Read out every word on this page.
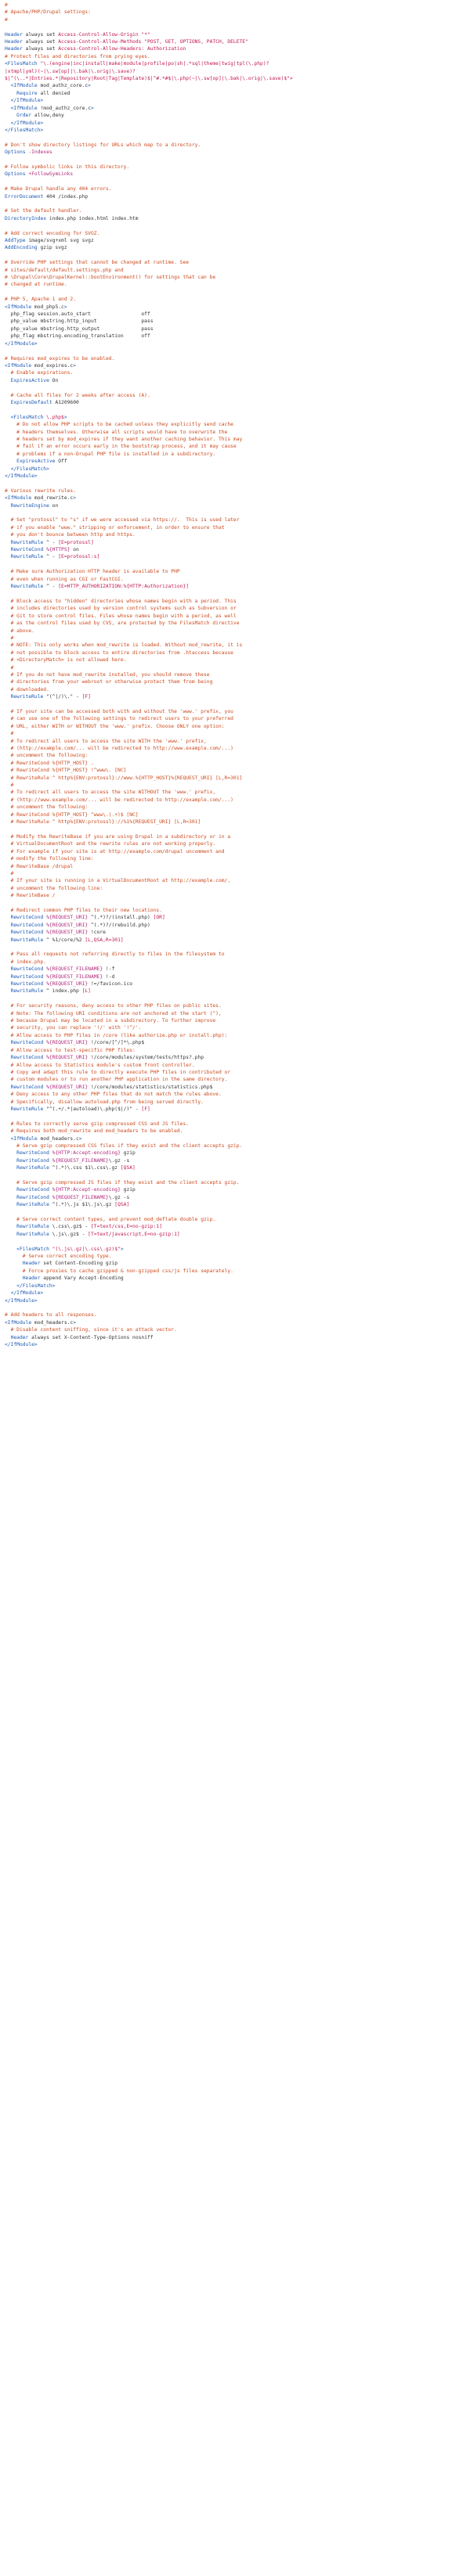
#
# Apache/PHP/Drupal settings:
#
Header always set Access-Control-Allow-Origin "*"
Header always set Access-Control-Allow-Methods "POST, GET, OPTIONS, PATCH, DELETE"
Header always set Access-Control-Allow-Headers: Authorization
# Protect files and directories from prying eyes.
<FilesMatch "\.(engine|inc|install|make|module|profile|po|sh|.*sql|theme|twig|tpl(\.php)?
|xtmpl|yml)(~|\.sw[op]|\.bak|\.orig|\.save)?
$|^(\..*|Entries.*|Repository|Root|Tag|Template)$|^#.*#$|\.php(~|\.sw[op]|\.bak|\.orig|\.save)$">
<IfModule mod_authz_core.c>
Require all denied
</IfModule>
<IfModule !mod_authz_core.c>
Order allow,deny
</IfModule>
</FilesMatch>
# Don't show directory listings for URLs which map to a directory.
Options -Indexes
# Follow symbolic links in this directory.
Options +FollowSymLinks
# Make Drupal handle any 404 errors.
ErrorDocument 404 /index.php
# Set the default handler.
DirectoryIndex index.php index.html index.htm
# Add correct encoding for SVGZ.
AddType image/svg+xml svg svgz
AddEncoding gzip svgz
# Override PHP settings that cannot be changed at runtime. See
# sites/default/default.settings.php and
# \Drupal\Core\DrupalKernel::bootEnvironment() for settings that can be
# changed at runtime.
# PHP 5, Apache 1 and 2.
<IfModule mod_php5.c>
php_flag session.auto_start                 off
php_value mbstring.http_input               pass
php_value mbstring.http_output              pass
php_flag mbstring.encoding_translation      off
</IfModule>
# Requires mod_expires to be enabled.
<IfModule mod_expires.c>
# Enable expirations.
ExpiresActive On
# Cache all files for 2 weeks after access (A).
ExpiresDefault A1209600
<FilesMatch \.php$>
# Do not allow PHP scripts to be cached unless they explicitly send cache
# headers themselves. Otherwise all scripts would have to overwrite the
# headers set by mod_expires if they want another caching behavior. This may
# fail if an error occurs early in the bootstrap process, and it may cause
# problems if a non-Drupal PHP file is installed in a subdirectory.
ExpiresActive Off
</FilesMatch>
</IfModule>
# Various rewrite rules.
<IfModule mod_rewrite.c>
RewriteEngine on
# Set "protossl" to "s" if we were accessed via https://.  This is used later
# if you enable "www." stripping or enforcement, in order to ensure that
# you don't bounce between http and https.
RewriteRule ^ - [E=protossl]
RewriteCond %{HTTPS} on
RewriteRule ^ - [E=protossl:s]
# Make sure Authorization HTTP header is available to PHP
# even when running as CGI or FastCGI.
RewriteRule ^ - [E=HTTP_AUTHORIZATION:%{HTTP:Authorization}]
# Block access to "hidden" directories whose names begin with a period. This
# includes directories used by version control systems such as Subversion or
# Git to store control files. Files whose names begin with a period, as well
# as the control files used by CVS, are protected by the FilesMatch directive
# above.
#
# NOTE: This only works when mod_rewrite is loaded. Without mod_rewrite, it is
# not possible to block access to entire directories from .htaccess because
# <DirectoryMatch> is not allowed here.
#
# If you do not have mod_rewrite installed, you should remove these
# directories from your webroot or otherwise protect them from being
# downloaded.
RewriteRule "(^|/)\." - [F]
# If your site can be accessed both with and without the 'www.' prefix, you
# can use one of the following settings to redirect users to your preferred
# URL, either WITH or WITHOUT the 'www.' prefix. Choose ONLY one option:
#
# To redirect all users to access the site WITH the 'www.' prefix,
# (http://example.com/... will be redirected to http://www.example.com/...)
# uncomment the following:
# RewriteCond %{HTTP_HOST} .
# RewriteCond %{HTTP_HOST} !^www\. [NC]
# RewriteRule ^ http%{ENV:protossl}://www.%{HTTP_HOST}%{REQUEST_URI} [L,R=301]
#
# To redirect all users to access the site WITHOUT the 'www.' prefix,
# (http://www.example.com/... will be redirected to http://example.com/...)
# uncomment the following:
# RewriteCond %{HTTP_HOST} ^www\.(.+)$ [NC]
# RewriteRule ^ http%{ENV:protossl}://%1%{REQUEST_URI} [L,R=301]
# Modify the RewriteBase if you are using Drupal in a subdirectory or in a
# VirtualDocumentRoot and the rewrite rules are not working properly.
# For example if your site is at http://example.com/drupal uncomment and
# modify the following line:
# RewriteBase /drupal
#
# If your site is running in a VirtualDocumentRoot at http://example.com/,
# uncomment the following line:
# RewriteBase /
# Redirect common PHP files to their new locations.
RewriteCond %{REQUEST_URI} ^(.*)?/(install.php) [OR]
RewriteCond %{REQUEST_URI} ^(.*)?/(rebuild.php)
RewriteCond %{REQUEST_URI} !core
RewriteRule ^ %1/core/%2 [L,QSA,R=301]
# Pass all requests not referring directly to files in the filesystem to
# index.php.
RewriteCond %{REQUEST_FILENAME} !-f
RewriteCond %{REQUEST_FILENAME} !-d
RewriteCond %{REQUEST_URI} !=/favicon.ico
RewriteRule ^ index.php [L]
# For security reasons, deny access to other PHP files on public sites.
# Note: The following URI conditions are not anchored at the start (^),
# because Drupal may be located in a subdirectory. To further improve
# security, you can replace '!/' with '!^/'.
# Allow access to PHP files in /core (like authorize.php or install.php):
RewriteCond %{REQUEST_URI} !/core/[^/]*\.php$
# Allow access to test-specific PHP files:
RewriteCond %{REQUEST_URI} !/core/modules/system/tests/https?.php
# Allow access to Statistics module's custom front controller.
# Copy and adapt this rule to directly execute PHP files in contributed or
# custom modules or to run another PHP application in the same directory.
RewriteCond %{REQUEST_URI} !/core/modules/statistics/statistics.php$
# Deny access to any other PHP files that do not match the rules above.
# Specifically, disallow autoload.php from being served directly.
RewriteRule "^(.+/.*|autoload)\.php($|/)" - [F]
# Rules to correctly serve gzip compressed CSS and JS files.
# Requires both mod_rewrite and mod_headers to be enabled.
<IfModule mod_headers.c>
# Serve gzip compressed CSS files if they exist and the client accepts gzip.
RewriteCond %{HTTP:Accept-encoding} gzip
RewriteCond %{REQUEST_FILENAME}\.gz -s
RewriteRule ^(.*)\.css $1\.css\.gz [QSA]
# Serve gzip compressed JS files if they exist and the client accepts gzip.
RewriteCond %{HTTP:Accept-encoding} gzip
RewriteCond %{REQUEST_FILENAME}\.gz -s
RewriteRule ^(.*)\.js $1\.js\.gz [QSA]
# Serve correct content types, and prevent mod_deflate double gzip.
RewriteRule \.css\.gz$ - [T=text/css,E=no-gzip:1]
RewriteRule \.js\.gz$ - [T=text/javascript,E=no-gzip:1]
<FilesMatch "(\.js\.gz|\.css\.gz)$">
# Serve correct encoding type.
Header set Content-Encoding gzip
# Force proxies to cache gzipped & non-gzipped css/js files separately.
Header append Vary Accept-Encoding
</FilesMatch>
</IfModule>
</IfModule>
# Add headers to all responses.
<IfModule mod_headers.c>
# Disable content sniffing, since it's an attack vector.
Header always set X-Content-Type-Options nosniff
</IfModule>
